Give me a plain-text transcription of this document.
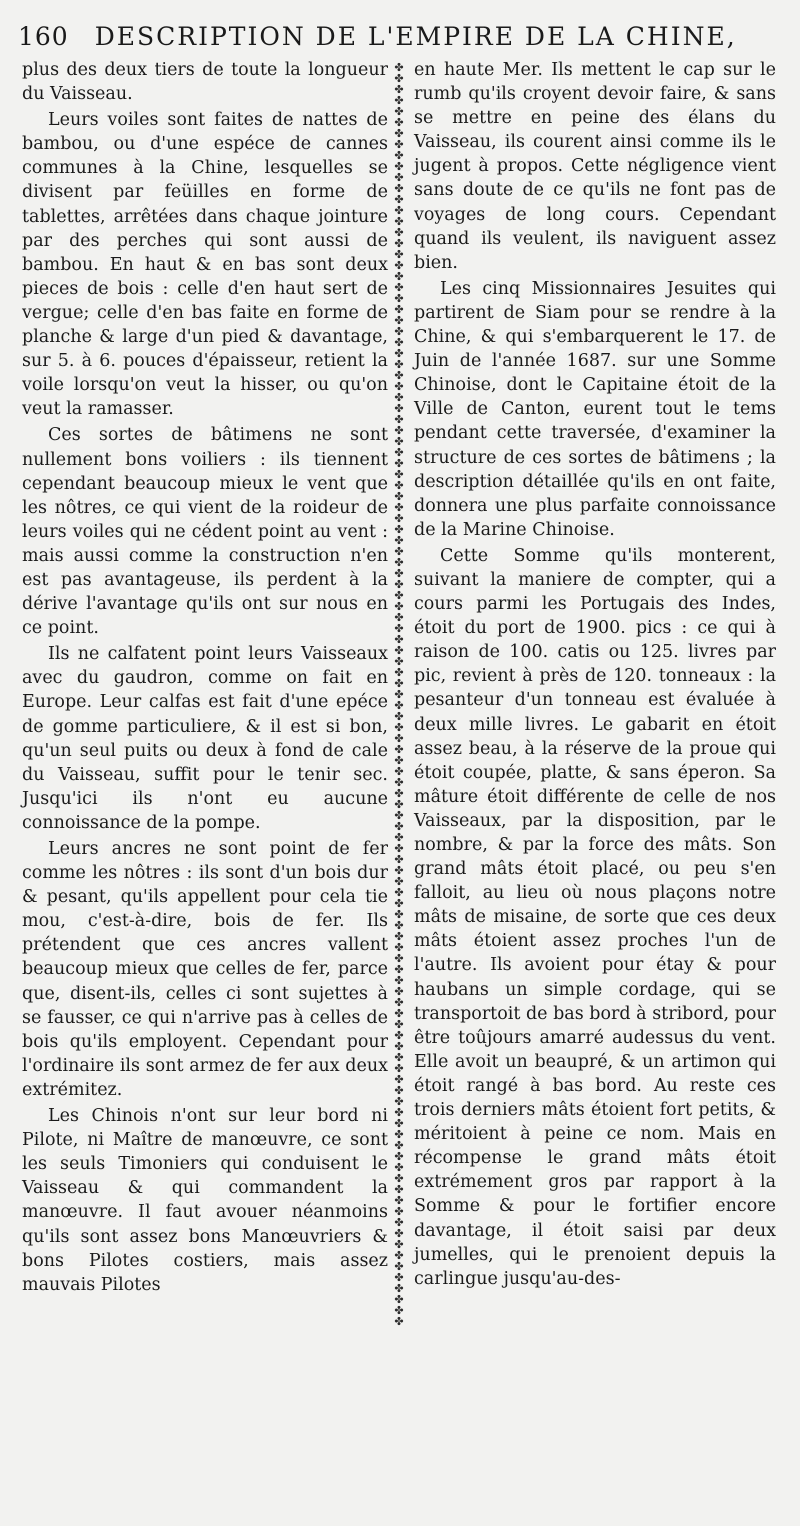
160 DESCRIPTION DE L'EMPIRE DE LA CHINE,

plus des deux tiers de toute la longueur du Vaisseau.

Leurs voiles sont faites de nattes de bambou, ou d'une espéce de cannes communes à la Chine, lesquelles se divisent par feüilles en forme de tablettes, arrêtées dans chaque jointure par des perches qui sont aussi de bambou. En haut & en bas sont deux pieces de bois : celle d'en haut sert de vergue; celle d'en bas faite en forme de planche & large d'un pied & davantage, sur 5. à 6. pouces d'épaisseur, retient la voile lorsqu'on veut la hisser, ou qu'on veut la ramasser.

Ces sortes de bâtimens ne sont nullement bons voiliers : ils tiennent cependant beaucoup mieux le vent que les nôtres, ce qui vient de la roideur de leurs voiles qui ne cédent point au vent : mais aussi comme la construction n'en est pas avantageuse, ils perdent à la dérive l'avantage qu'ils ont sur nous en ce point.

Ils ne calfatent point leurs Vaisseaux avec du gaudron, comme on fait en Europe. Leur calfas est fait d'une epéce de gomme particuliere, & il est si bon, qu'un seul puits ou deux à fond de cale du Vaisseau, suffit pour le tenir sec. Jusqu'ici ils n'ont eu aucune connoissance de la pompe.

Leurs ancres ne sont point de fer comme les nôtres : ils sont d'un bois dur & pesant, qu'ils appellent pour cela tie mou, c'est-à-dire, bois de fer. Ils prétendent que ces ancres vallent beaucoup mieux que celles de fer, parce que, disent-ils, celles ci sont sujettes à se fausser, ce qui n'arrive pas à celles de bois qu'ils employent. Cependant pour l'ordinaire ils sont armez de fer aux deux extrémitez.

Les Chinois n'ont sur leur bord ni Pilote, ni Maître de manœuvre, ce sont les seuls Timoniers qui conduisent le Vaisseau & qui commandent la manœuvre. Il faut avouer néanmoins qu'ils sont assez bons Manœuvriers & bons Pilotes costiers, mais assez mauvais Pilotes

✤
✤
✤
✤
✤
✤
✤
✤
✤
✤
✤
✤
✤
✤
✤
✤
✤
✤
✤
✤
✤
✤
✤
✤
✤
✤
✤
✤
✤
✤
✤
✤
✤
✤
✤
✤
✤
✤
✤
✤
✤
✤
✤
✤
✤
✤
✤
✤
✤
✤
✤
✤
✤
✤
✤
✤
✤
✤
✤
✤
✤
✤
✤
✤
✤
✤
✤
✤
✤
✤
✤
✤
✤
✤
✤
✤
✤
✤
✤
✤
✤
✤
✤
✤
✤
✤
✤
✤
✤
✤
✤
✤
✤
✤
✤
✤
✤
✤
✤
✤
✤
✤
✤
✤
✤
✤
✤
✤
✤
✤
✤
✤
✤
✤
✤

en haute Mer. Ils mettent le cap sur le rumb qu'ils croyent devoir faire, & sans se mettre en peine des élans du Vaisseau, ils courent ainsi comme ils le jugent à propos. Cette négligence vient sans doute de ce qu'ils ne font pas de voyages de long cours. Cependant quand ils veulent, ils naviguent assez bien.

Les cinq Missionnaires Jesuites qui partirent de Siam pour se rendre à la Chine, & qui s'embarquerent le 17. de Juin de l'année 1687. sur une Somme Chinoise, dont le Capitaine étoit de la Ville de Canton, eurent tout le tems pendant cette traversée, d'examiner la structure de ces sortes de bâtimens ; la description détaillée qu'ils en ont faite, donnera une plus parfaite connoissance de la Marine Chinoise.

Cette Somme qu'ils monterent, suivant la maniere de compter, qui a cours parmi les Portugais des Indes, étoit du port de 1900. pics : ce qui à raison de 100. catis ou 125. livres par pic, revient à près de 120. tonneaux : la pesanteur d'un tonneau est évaluée à deux mille livres. Le gabarit en étoit assez beau, à la réserve de la proue qui étoit coupée, platte, & sans éperon. Sa mâture étoit différente de celle de nos Vaisseaux, par la disposition, par le nombre, & par la force des mâts. Son grand mâts étoit placé, ou peu s'en falloit, au lieu où nous plaçons notre mâts de misaine, de sorte que ces deux mâts étoient assez proches l'un de l'autre. Ils avoient pour étay & pour haubans un simple cordage, qui se transportoit de bas bord à stribord, pour être toûjours amarré audessus du vent. Elle avoit un beaupré, & un artimon qui étoit rangé à bas bord. Au reste ces trois derniers mâts étoient fort petits, & méritoient à peine ce nom. Mais en récompense le grand mâts étoit extrémement gros par rapport à la Somme & pour le fortifier encore davantage, il étoit saisi par deux jumelles, qui le prenoient depuis la carlingue jusqu'au-des-
